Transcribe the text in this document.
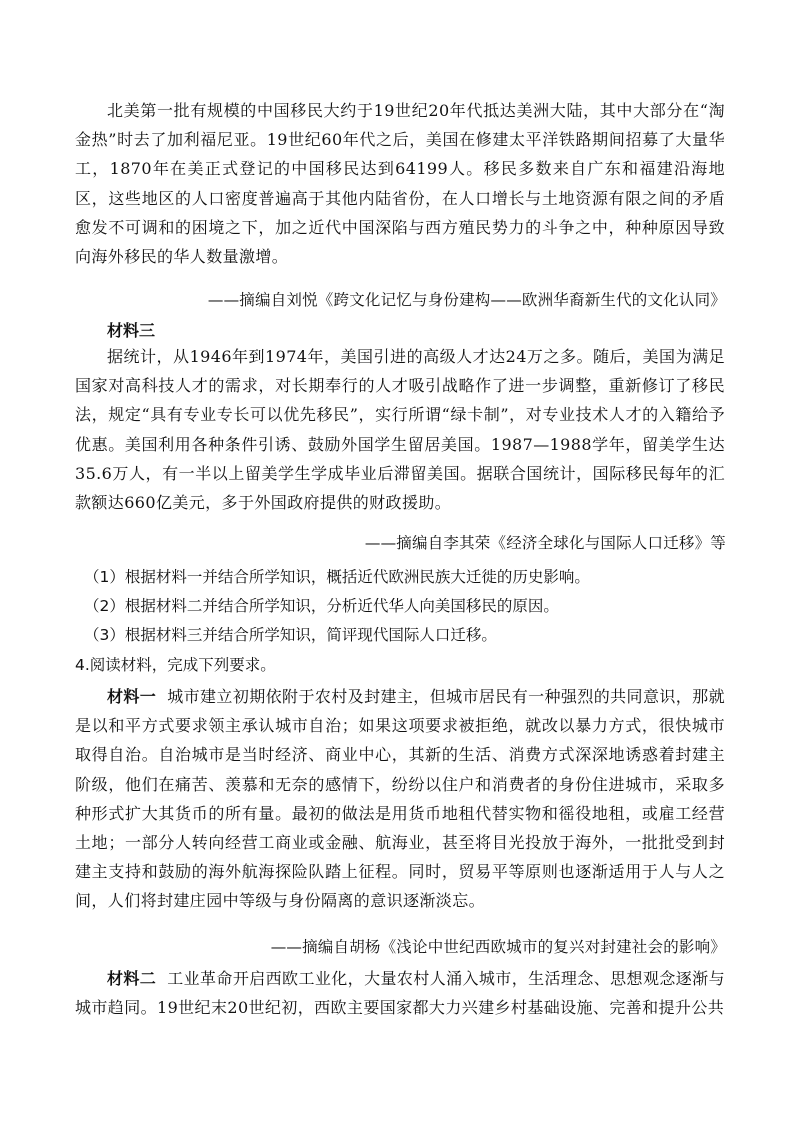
北美第一批有规模的中国移民大约于19世纪20年代抵达美洲大陆，其中大部分在“淘金热”时去了加利福尼亚。19世纪60年代之后，美国在修建太平洋铁路期间招募了大量华工，1870年在美正式登记的中国移民达到64199人。移民多数来自广东和福建沿海地区，这些地区的人口密度普遍高于其他内陆省份，在人口增长与土地资源有限之间的矛盾愈发不可调和的困境之下，加之近代中国深陷与西方殖民势力的斗争之中，种种原因导致向海外移民的华人数量激增。

——摘编自刘悦《跨文化记忆与身份建构——欧洲华裔新生代的文化认同》
材料三

据统计，从1946年到1974年，美国引进的高级人才达24万之多。随后，美国为满足国家对高科技人才的需求，对长期奉行的人才吸引战略作了进一步调整，重新修订了移民法，规定“具有专业专长可以优先移民”，实行所谓“绿卡制”，对专业技术人才的入籍给予优惠。美国利用各种条件引诱、鼓励外国学生留居美国。1987—1988学年，留美学生达35.6万人，有一半以上留美学生学成毕业后滞留美国。据联合国统计，国际移民每年的汇款额达660亿美元，多于外国政府提供的财政援助。

——摘编自李其荣《经济全球化与国际人口迁移》等
（1）根据材料一并结合所学知识，概括近代欧洲民族大迁徙的历史影响。
（2）根据材料二并结合所学知识，分析近代华人向美国移民的原因。
（3）根据材料三并结合所学知识，简评现代国际人口迁移。
4.阅读材料，完成下列要求。

材料一 城市建立初期依附于农村及封建主，但城市居民有一种强烈的共同意识，那就是以和平方式要求领主承认城市自治；如果这项要求被拒绝，就改以暴力方式，很快城市取得自治。自治城市是当时经济、商业中心，其新的生活、消费方式深深地诱惑着封建主阶级，他们在痛苦、羡慕和无奈的感情下，纷纷以住户和消费者的身份住进城市，采取多种形式扩大其货币的所有量。最初的做法是用货币地租代替实物和徭役地租，或雇工经营土地；一部分人转向经营工商业或金融、航海业，甚至将目光投放于海外，一批批受到封建主支持和鼓励的海外航海探险队踏上征程。同时，贸易平等原则也逐渐适用于人与人之间，人们将封建庄园中等级与身份隔离的意识逐渐淡忘。

——摘编自胡杨《浅论中世纪西欧城市的复兴对封建社会的影响》

材料二 工业革命开启西欧工业化，大量农村人涌入城市，生活理念、思想观念逐渐与城市趋同。19世纪末20世纪初，西欧主要国家都大力兴建乡村基础设施、完善和提升公共
